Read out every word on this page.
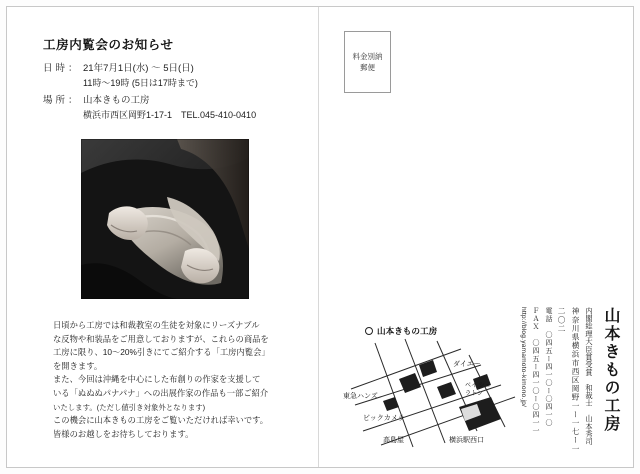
工房内覧会のお知らせ
日時： 21年7月1日(水) ～ 5日(日)
11時～19時 (5日は17時まで)
場所： 山本きもの工房
横浜市西区岡野1-17-1　TEL.045-410-0410

日頃から工房では和裁教室の生徒を対象にリーズナブル

な反物や和装品をご用意しておりますが、これらの商品を

工房に限り、10～20%引きにてご紹介する「工房内覧会」

を開きます。

また、今回は沖縄を中心にした布創りの作家を支援して

いる「ぬぬぬパナパナ」への出展作家の作品も一部ご紹介

いたします。(ただし値引き対象外となります)

この機会に山本きもの工房をご覧いただければ幸いです。

皆様のお越しをお待ちしております。

料金別納
郵便
http://blog.yamamoto-kimono.jp/ ＦＡＸ　〇四五ー四一〇ー〇四一一 電話　〇四五ー四一〇ー〇四一〇 二〇二 神奈川県横浜市西区岡野一ー一七ー一 内閣総理大臣賞受賞　和裁士　山本秀司 山本きもの工房
山本きもの工房
東急ハンズ
ダイエー
ベイ シェラトン
ビックカメラ
高島屋	横浜駅西口
